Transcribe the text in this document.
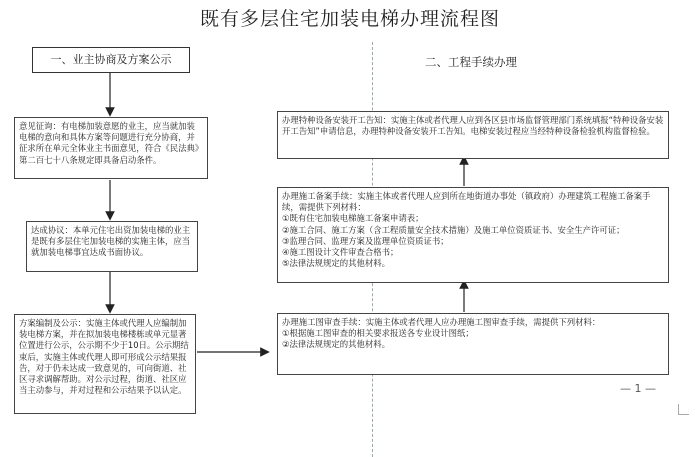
既有多层住宅加装电梯办理流程图
一、业主协商及方案公示	二、工程手续办理

意见征询：有电梯加装意愿的业主，应当就加装电梯的意向和具体方案等问题进行充分协商，并征求所在单元全体业主书面意见，符合《民法典》第二百七十八条规定即具备启动条件。

达成协议：本单元住宅出资加装电梯的业主是既有多层住宅加装电梯的实施主体，应当就加装电梯事宜达成书面协议。

方案编制及公示：实施主体或代理人应编制加装电梯方案，并在拟加装电梯楼栋或单元显著位置进行公示，公示期不少于10日。公示期结束后，实施主体或代理人即可形成公示结果报告，对于仍未达成一致意见的，可向街道、社区寻求调解帮助。对公示过程，街道、社区应当主动参与，并对过程和公示结果予以认定。

办理特种设备安装开工告知：实施主体或者代理人应到各区县市场监督管理部门系统填报“特种设备安装开工告知”申请信息，办理特种设备安装开工告知。电梯安装过程应当经特种设备检验机构监督检验。

办理施工备案手续：实施主体或者代理人应到所在地街道办事处（镇政府）办理建筑工程施工备案手续，需提供下列材料：

①既有住宅加装电梯施工备案申请表；

②施工合同、施工方案（含工程质量安全技术措施）及施工单位资质证书、安全生产许可证；

③监理合同、监理方案及监理单位资质证书；

④施工图设计文件审查合格书；

⑤法律法规规定的其他材料。

办理施工图审查手续：实施主体或者代理人应办理施工图审查手续，需提供下列材料：

①根据施工图审查的相关要求报送各专业设计图纸；

②法律法规规定的其他材料。

— 1 —
